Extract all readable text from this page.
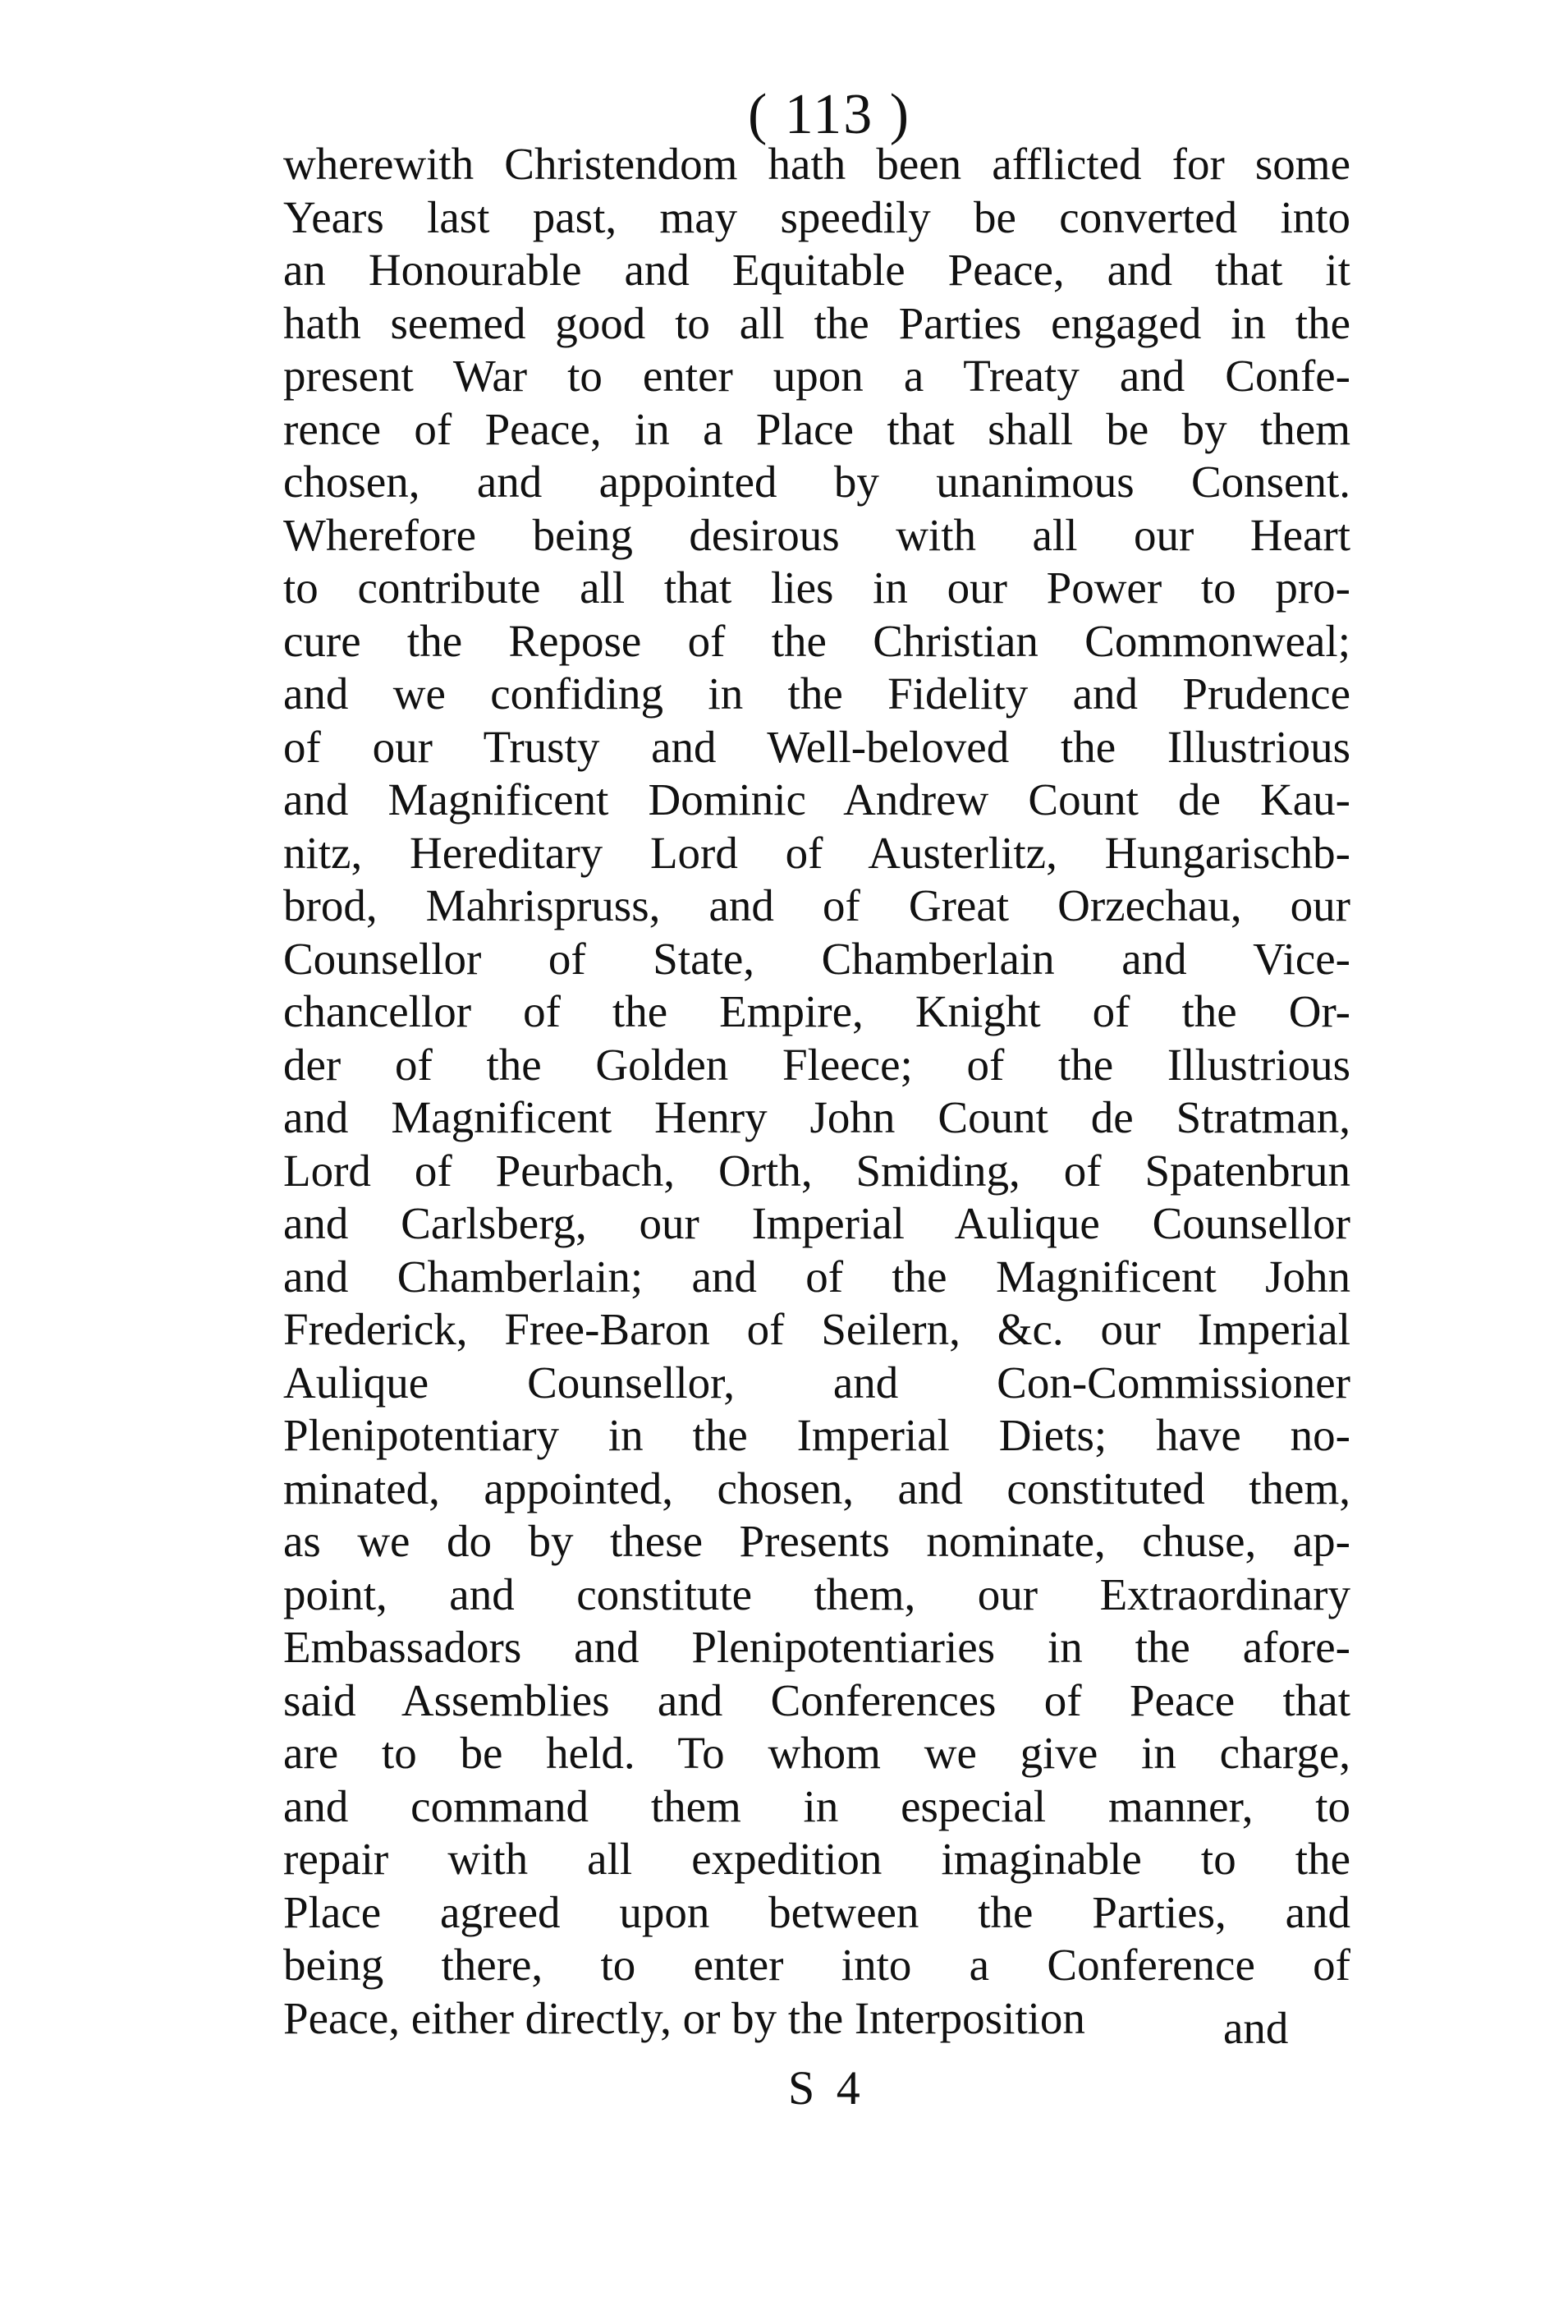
( 113 )
wherewith Christendom hath been afflicted for some
Years last past, may speedily be converted into
an Honourable and Equitable Peace, and that it
hath seemed good to all the Parties engaged in the
present War to enter upon a Treaty and Confe-
rence of Peace, in a Place that shall be by them
chosen, and appointed by unanimous Consent.
Wherefore being desirous with all our Heart
to contribute all that lies in our Power to pro-
cure the Repose of the Christian Commonweal;
and we confiding in the Fidelity and Prudence
of our Trusty and Well-beloved the Illustrious
and Magnificent Dominic Andrew Count de Kau-
nitz, Hereditary Lord of Austerlitz, Hungarischb-
brod, Mahrispruss, and of Great Orzechau, our
Counsellor of State, Chamberlain and Vice-
chancellor of the Empire, Knight of the Or-
der of the Golden Fleece; of the Illustrious
and Magnificent Henry John Count de Stratman,
Lord of Peurbach, Orth, Smiding, of Spatenbrun
and Carlsberg, our Imperial Aulique Counsellor
and Chamberlain; and of the Magnificent John
Frederick, Free-Baron of Seilern, &c. our Imperial
Aulique Counsellor, and Con-Commissioner
Plenipotentiary in the Imperial Diets; have no-
minated, appointed, chosen, and constituted them,
as we do by these Presents nominate, chuse, ap-
point, and constitute them, our Extraordinary
Embassadors and Plenipotentiaries in the afore-
said Assemblies and Conferences of Peace that
are to be held. To whom we give in charge,
and command them in especial manner, to
repair with all expedition imaginable to the
Place agreed upon between the Parties, and
being there, to enter into a Conference of
Peace, either directly, or by the Interposition	and
S 4
